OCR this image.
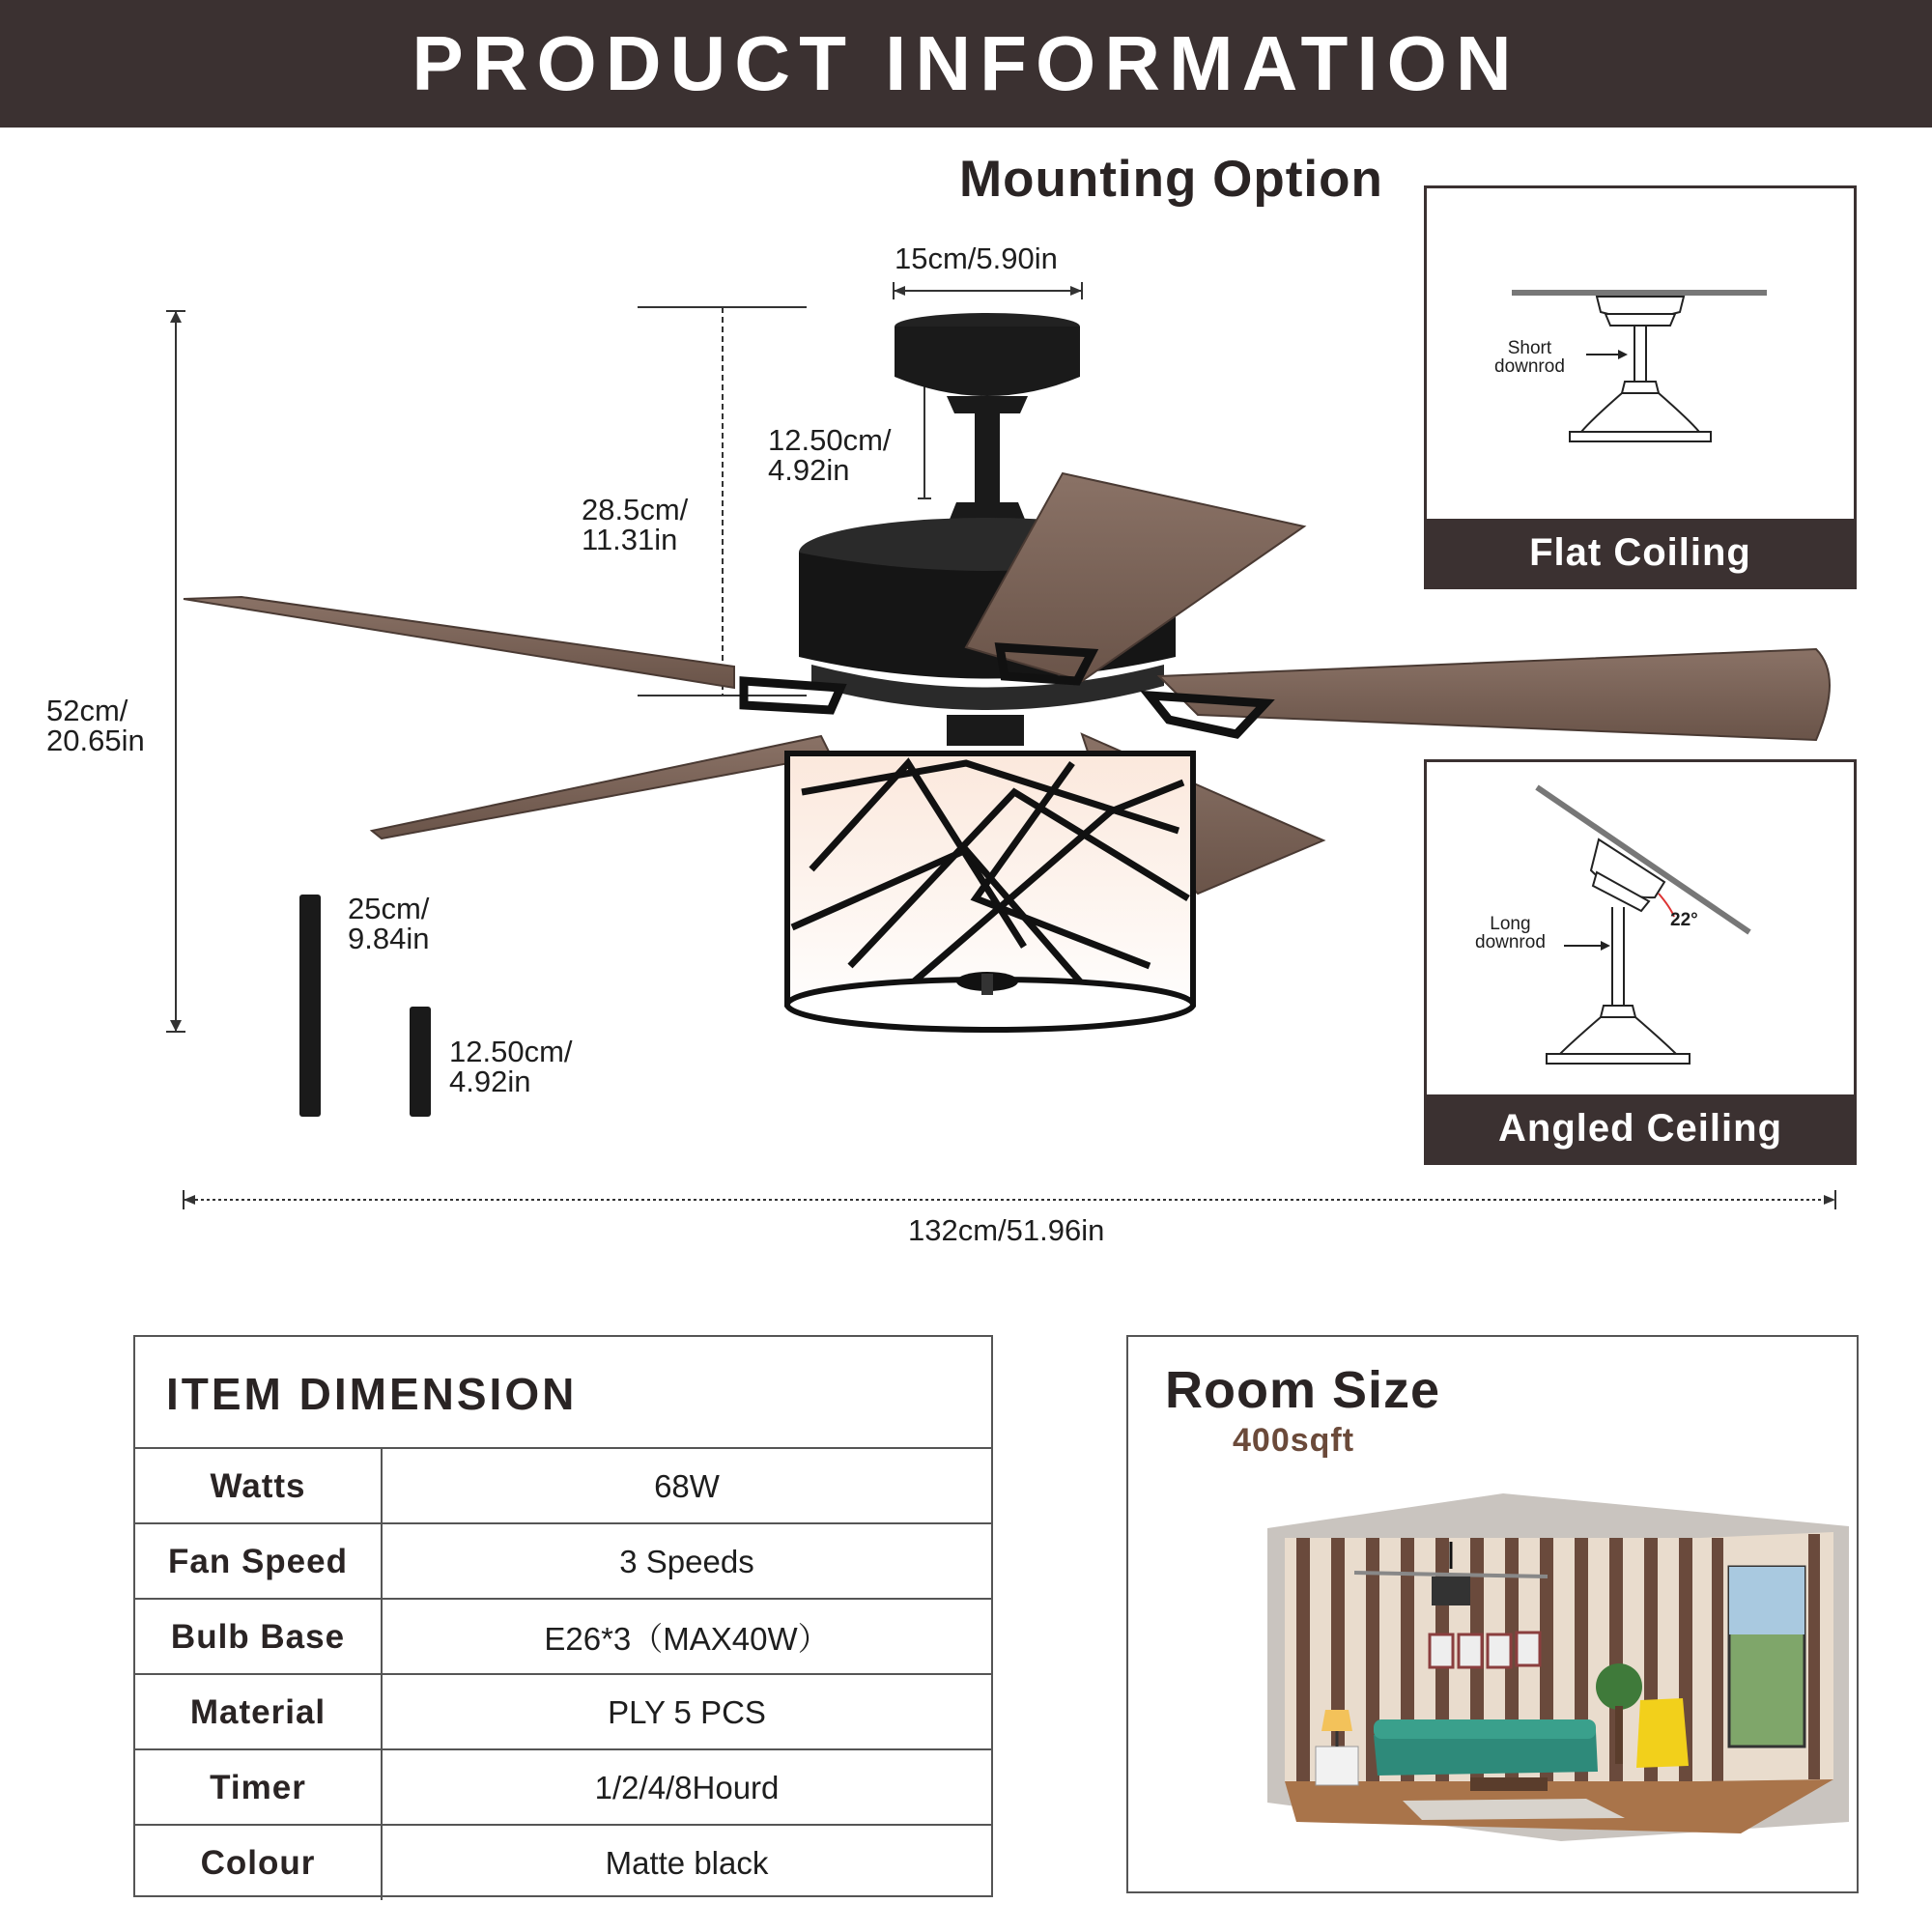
PRODUCT INFORMATION
Mounting Option
15cm/5.90in
12.50cm/
4.92in
28.5cm/
11.31in
52cm/
20.65in
25cm/
9.84in
12.50cm/
4.92in
132cm/51.96in
Short
downrod
Flat Coiling
Long
downrod
22°
Angled Ceiling
ITEM DIMENSION
Watts	68W
Fan Speed	3 Speeds
Bulb Base	E26*3（MAX40W）
Material	PLY 5 PCS
Timer	1/2/4/8Hourd
Colour	Matte black
Room Size
400sqft
